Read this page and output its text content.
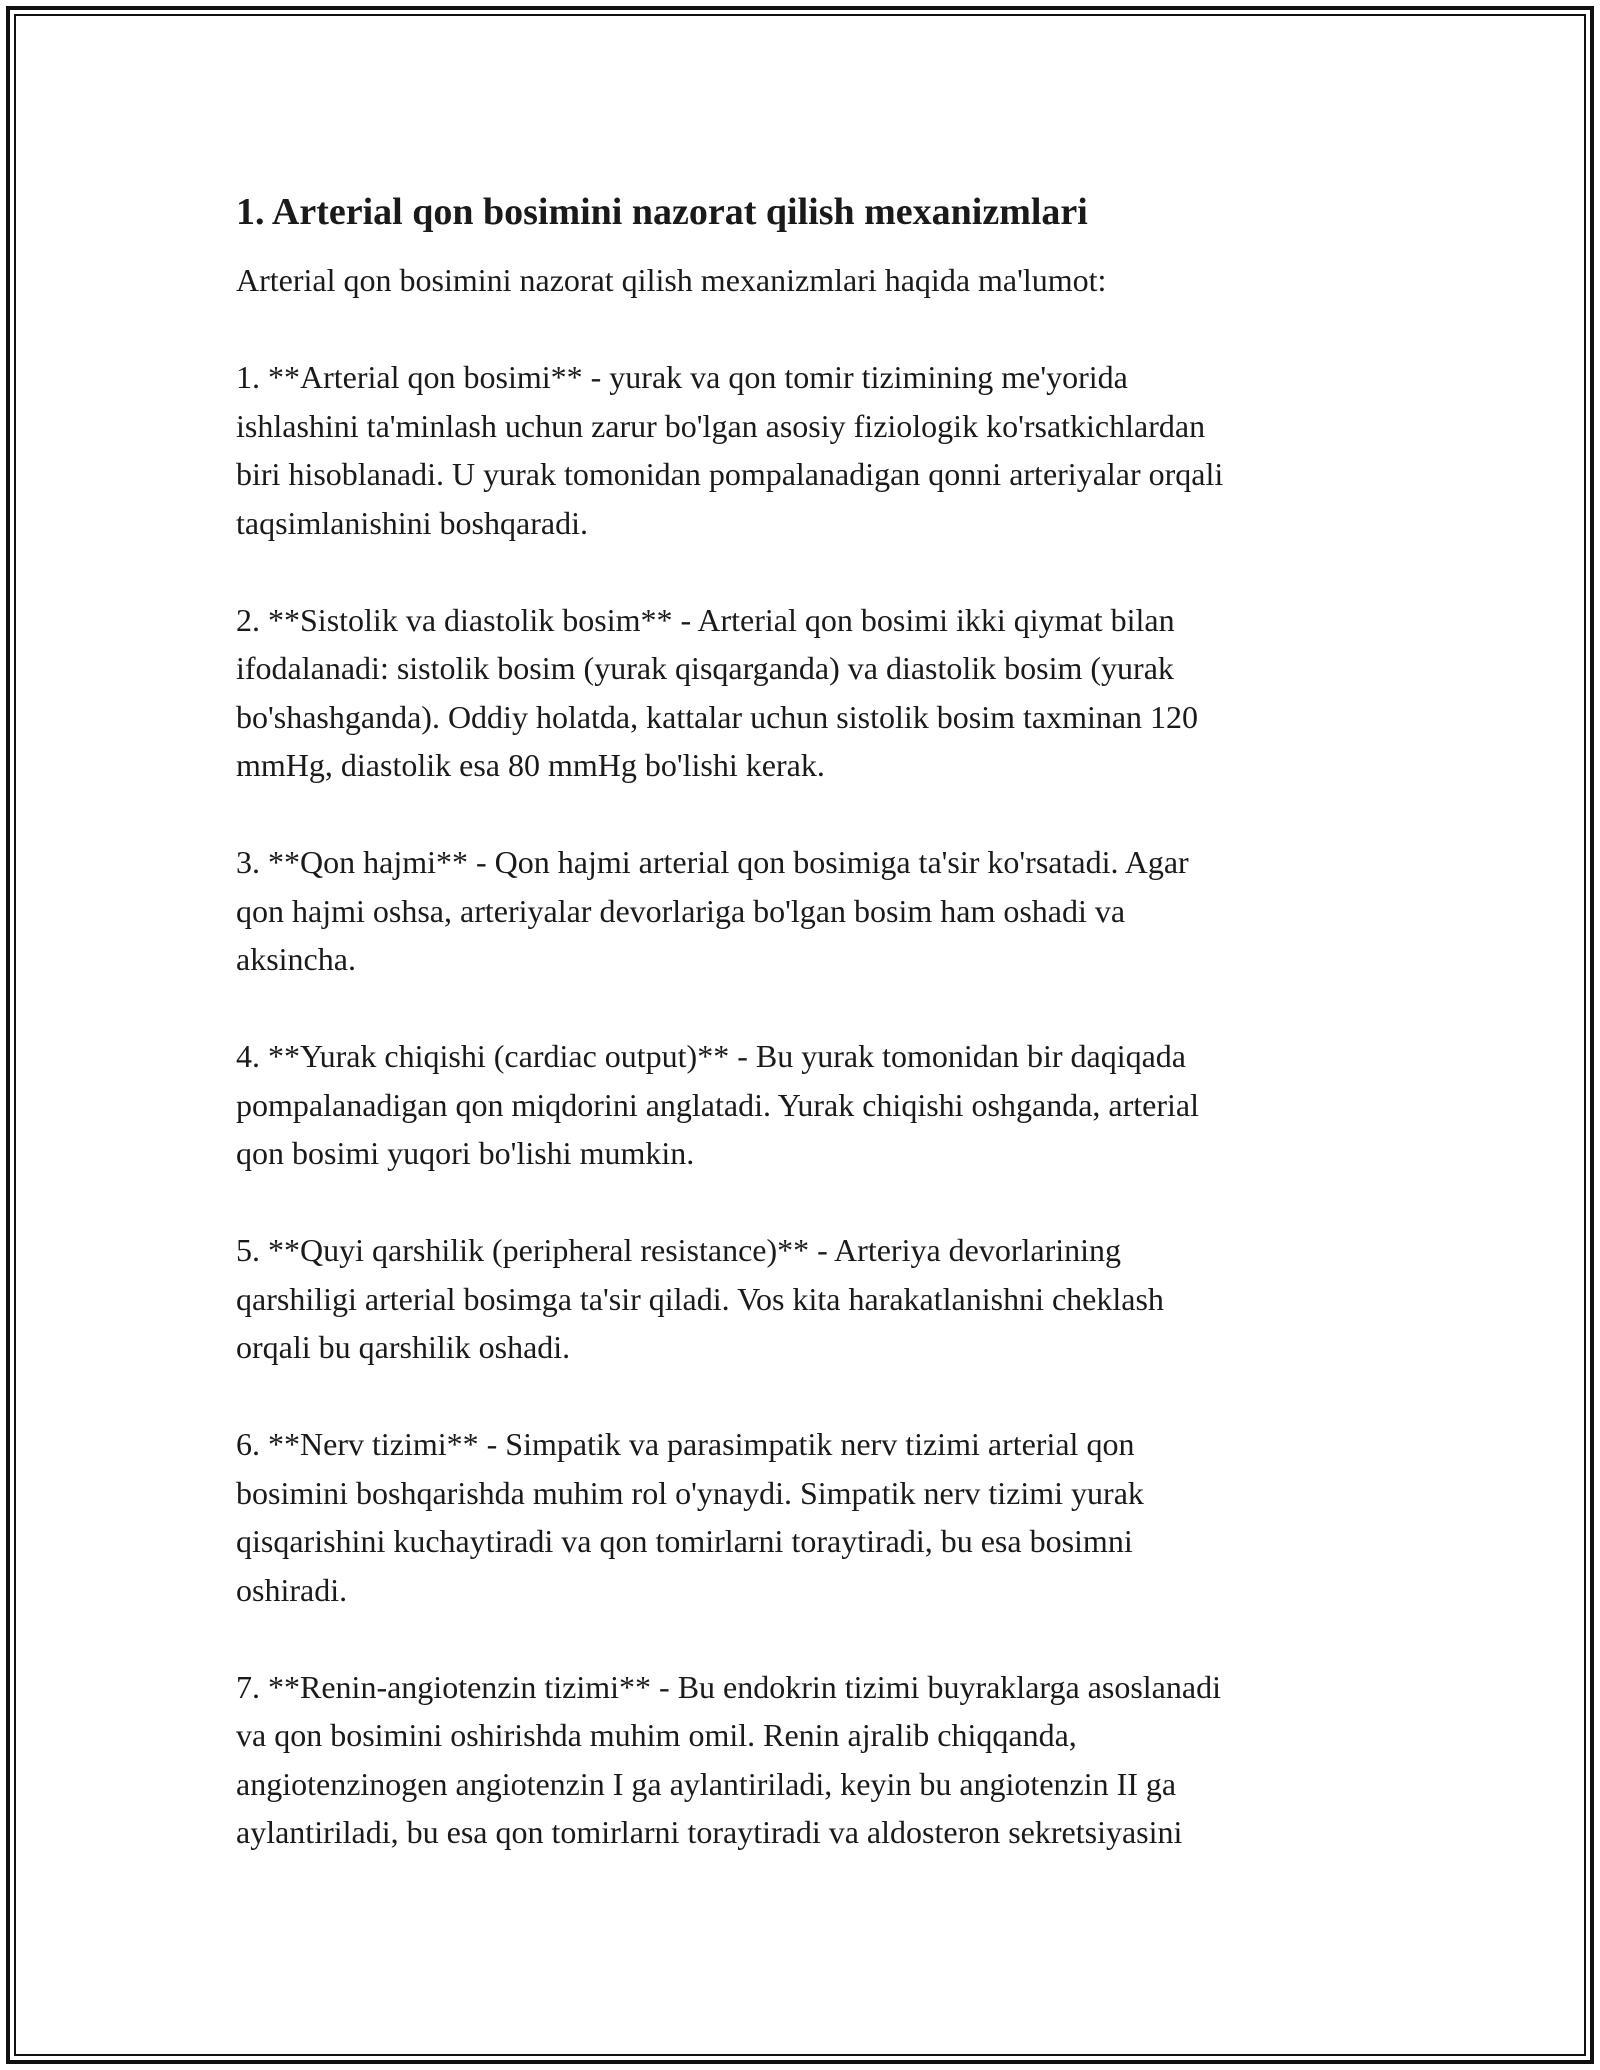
1. Arterial qon bosimini nazorat qilish mexanizmlari
Arterial qon bosimini nazorat qilish mexanizmlari haqida ma'lumot:
1. **Arterial qon bosimi** - yurak va qon tomir tizimining me'yorida
ishlashini ta'minlash uchun zarur bo'lgan asosiy fiziologik ko'rsatkichlardan
biri hisoblanadi. U yurak tomonidan pompalanadigan qonni arteriyalar orqali
taqsimlanishini boshqaradi.
2. **Sistolik va diastolik bosim** - Arterial qon bosimi ikki qiymat bilan
ifodalanadi: sistolik bosim (yurak qisqarganda) va diastolik bosim (yurak
bo'shashganda). Oddiy holatda, kattalar uchun sistolik bosim taxminan 120
mmHg, diastolik esa 80 mmHg bo'lishi kerak.
3. **Qon hajmi** - Qon hajmi arterial qon bosimiga ta'sir ko'rsatadi. Agar
qon hajmi oshsa, arteriyalar devorlariga bo'lgan bosim ham oshadi va
aksincha.
4. **Yurak chiqishi (cardiac output)** - Bu yurak tomonidan bir daqiqada
pompalanadigan qon miqdorini anglatadi. Yurak chiqishi oshganda, arterial
qon bosimi yuqori bo'lishi mumkin.
5. **Quyi qarshilik (peripheral resistance)** - Arteriya devorlarining
qarshiligi arterial bosimga ta'sir qiladi. Vos kita harakatlanishni cheklash
orqali bu qarshilik oshadi.
6. **Nerv tizimi** - Simpatik va parasimpatik nerv tizimi arterial qon
bosimini boshqarishda muhim rol o'ynaydi. Simpatik nerv tizimi yurak
qisqarishini kuchaytiradi va qon tomirlarni toraytiradi, bu esa bosimni
oshiradi.
7. **Renin-angiotenzin tizimi** - Bu endokrin tizimi buyraklarga asoslanadi
va qon bosimini oshirishda muhim omil. Renin ajralib chiqqanda,
angiotenzinogen angiotenzin I ga aylantiriladi, keyin bu angiotenzin II ga
aylantiriladi, bu esa qon tomirlarni toraytiradi va aldosteron sekretsiyasini
